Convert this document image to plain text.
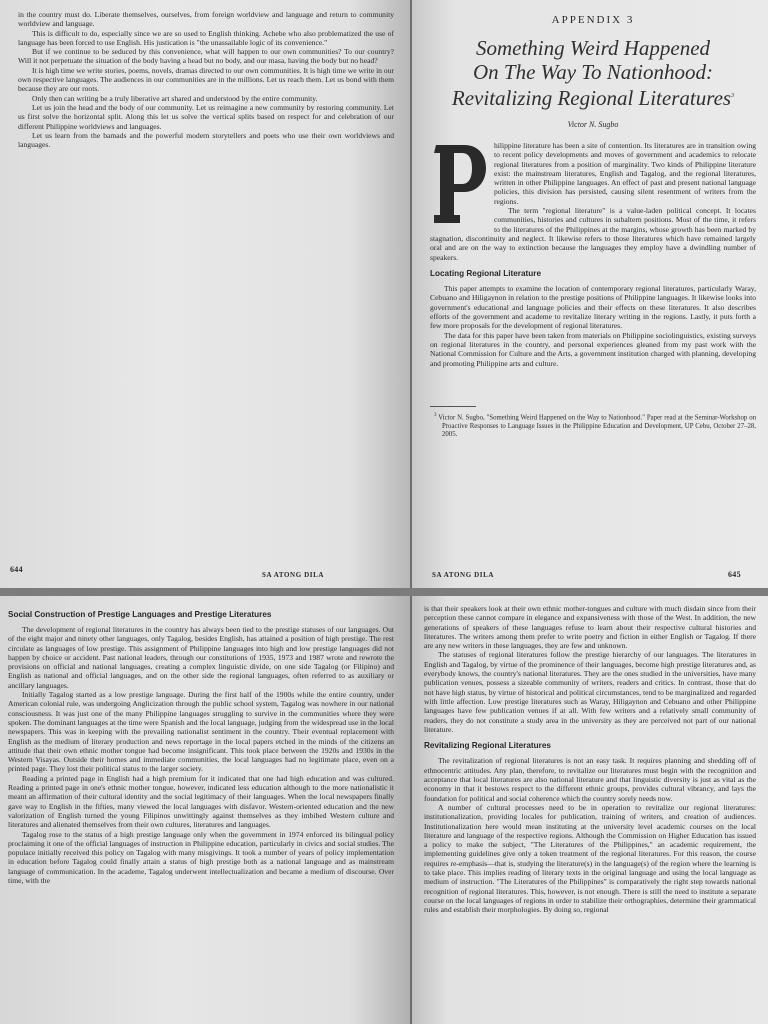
in the country must do. Liberate themselves, ourselves, from foreign worldview and language and return to community worldview and language.

This is difficult to do, especially since we are so used to English thinking. Achebe who also problematized the use of language has been forced to use English. His justication is "the unassailable logic of its convenience."

But if we continue to be seduced by this convenience, what will happen to our own communities? To our country? Will it not perpetuate the situation of the body having a head but no body, and our masa, having the body but no head?

It is high time we write stories, poems, novels, dramas directed to our own communities. It is high time we write in our own respective languages. The audiences in our communities are in the millions. Let us reach them. Let us bond with them because they are our roots.

Only then can writing be a truly liberative art shared and understood by the entire community.

Let us join the head and the body of our community. Let us reimagine a new community by restoring community. Let us first solve the horizontal split. Along this let us solve the vertical splits based on respect for and celebration of our different Philippine worldviews and languages.

Let us learn from the bamads and the powerful modern storytellers and poets who use their own worldviews and languages.

644
SA ATONG DILA
APPENDIX 3
Something Weird Happened
On The Way To Nationhood:
Revitalizing Regional Literatures$^3$
Victor N. Sugbo

hilippine literature has been a site of contention. Its literatures are in transition owing to recent policy developments and moves of government and academics to relocate regional literatures from a position of marginality. Two kinds of Philippine literature exist: the mainstream literatures, English and Tagalog, and the regional literatures, written in other Philippine languages. An effect of past and present national language policies, this division has persisted, causing silent resentment of writers from the regions.

The term "regional literature" is a value-laden political concept. It locates communities, histories and cultures in subaltern positions. Most of the time, it refers to the literatures of the Philippines at the margins, whose growth has been marked by stagnation, discontinuity and neglect. It likewise refers to those literatures which have remained largely oral and are on the way to extinction because the languages they employ have a dwindling number of speakers.

Locating Regional Literature

This paper attempts to examine the location of contemporary regional literatures, particularly Waray, Cebuano and Hiligaynon in relation to the prestige positions of Philippine languages. It likewise looks into government's educational and language policies and their effects on these literatures. It also describes efforts of the government and academe to revitalize literary writing in the regions. Lastly, it puts forth a few more proposals for the development of regional literatures.

The data for this paper have been taken from materials on Philippine sociolinguistics, existing surveys on regional literatures in the country, and personal experiences gleaned from my past work with the National Commission for Culture and the Arts, a government institution charged with planning, developing and promoting Philippine arts and culture.

$^3$ Victor N. Sugbo, "Something Weird Happened on the Way to Nationhood." Paper read at the Seminar-Workshop on Proactive Responses to Language Issues in the Philippine Education and Development, UP Cebu, October 27–28, 2005.
SA ATONG DILA	645
Social Construction of Prestige Languages and Prestige Literatures

The development of regional literatures in the country has always been tied to the prestige statuses of our languages. Out of the eight major and ninety other languages, only Tagalog, besides English, has attained a position of high prestige. The rest circulate as languages of low prestige. This assignment of Philippine languages into high and low prestige languages did not happen by choice or accident. Past national leaders, through our constitutions of 1935, 1973 and 1987 wrote and rewrote the provisions on official and national languages, creating a complex linguistic divide, on one side Tagalog (or Filipino) and English as national and official languages, and on the other side the regional languages, often referred to as auxiliary or ancillary languages.

Initially Tagalog started as a low prestige language. During the first half of the 1900s while the entire country, under American colonial rule, was undergoing Anglicization through the public school system, Tagalog was nowhere in our national consciousness. It was just one of the many Philippine languages struggling to survive in the communities where they were spoken. The dominant languages at the time were Spanish and the local language, judging from the widespread use in the local newspapers. This was in keeping with the prevailing nationalist sentiment in the country. Their eventual replacement with English as the medium of literary production and news reportage in the local papers etched in the minds of the citizens an attitude that their own ethnic mother tongue had become insignificant. This took place between the 1920s and 1930s in the Western Visayas. Outside their homes and immediate communities, the local languages had no legitimate place, even on a printed page. They lost their political status to the larger society.

Reading a printed page in English had a high premium for it indicated that one had high education and was cultured. Reading a printed page in one's ethnic mother tongue, however, indicated less education although to the more nationalistic it meant an affirmation of their cultural identity and the social legitimacy of their languages. When the local newspapers finally gave way to English in the fifties, many viewed the local languages with disfavor. Western-oriented education and the new valorization of English turned the young Filipinos unwittingly against themselves as they imbibed Western culture and literatures and alienated themselves from their own cultures, literatures and languages.

Tagalog rose to the status of a high prestige language only when the government in 1974 enforced its bilingual policy proclaiming it one of the official languages of instruction in Philippine education, particularly in civics and social studies. The populace initially received this policy on Tagalog with many misgivings. It took a number of years of policy implementation in education before Tagalog could finally attain a status of high prestige both as a national language and as mainstream language of communication. In the academe, Tagalog underwent intellectualization and became a medium of discourse. Over time, with the

is that their speakers look at their own ethnic mother-tongues and culture with much disdain since from their perception these cannot compare in elegance and expansiveness with those of the West. In addition, the new generations of speakers of these languages refuse to learn about their respective cultural histories and literatures. The writers among them prefer to write poetry and fiction in either English or Tagalog. If there are any new writers in these languages, they are few and unknown.

The statuses of regional literatures follow the prestige hierarchy of our languages. The literatures in English and Tagalog, by virtue of the prominence of their languages, become high prestige literatures and, as everybody knows, the country's national literatures. They are the ones studied in the universities, have many publication venues, possess a sizeable community of writers, readers and critics. In contrast, those that do not have high status, by virtue of historical and political circumstances, tend to be marginalized and regarded with little affection. Low prestige literatures such as Waray, Hiligaynon and Cebuano and other Philippine languages have few publication venues if at all. With few writers and a relatively small community of readers, they do not constitute a study area in the university as they are perceived not part of our national literature.

Revitalizing Regional Literatures

The revitalization of regional literatures is not an easy task. It requires planning and shedding off of ethnocentric attitudes. Any plan, therefore, to revitalize our literatures must begin with the recognition and acceptance that local literatures are also national literature and that linguistic diversity is just as vital as the economy in that it bestows respect to the different ethnic groups, provides cultural vibrancy, and lays the foundation for political and social coherence which the country sorely needs now.

A number of cultural processes need to be in operation to revitalize our regional literatures: institutionalization, providing locales for publication, training of writers, and creation of audiences. Institutionalization here would mean instituting at the university level academic courses on the local literature and language of the respective regions. Although the Commission on Higher Education has issued a policy to make the subject, "The Literatures of the Philippines," an academic requirement, the implementing guidelines give only a token treatment of the regional literatures. For this reason, the course requires re-emphasis—that is, studying the literature(s) in the language(s) of the region where the learning is to take place. This implies reading of literary texts in the original language and using the local language as medium of instruction. "The Literatures of the Philippines" is comparatively the right step towards national recognition of regional literatures. This, however, is not enough. There is still the need to institute a separate course on the local languages of regions in order to stabilize their orthographies, determine their grammatical rules and establish their morphologies. By doing so, regional
